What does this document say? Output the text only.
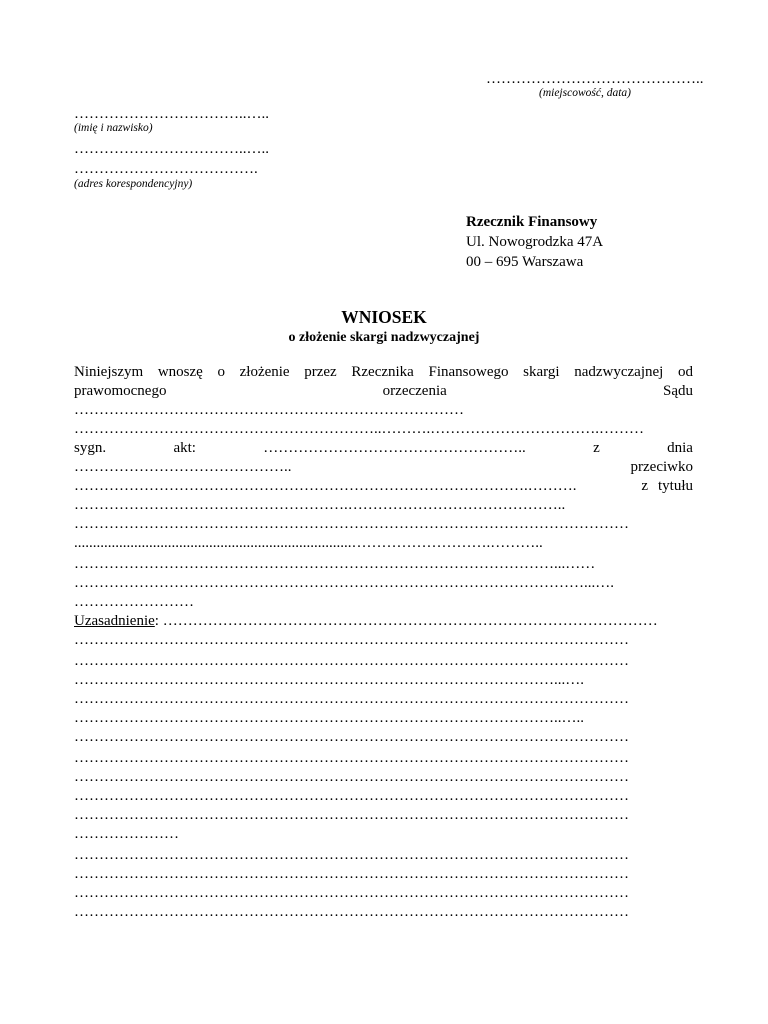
……………………………………..
(miejscowość, data)
……………………………..…..
(imię i nazwisko)
……………………………..…..
……………………………….
(adres korespondencyjny)
Rzecznik Finansowy
Ul. Nowogrodzka 47A
00 – 695 Warszawa
WNIOSEK
o złożenie skargi nadzwyczajnej
Niniejszym wnoszę o złożenie przez Rzecznika Finansowego skargi nadzwyczajnej od
prawomocnego	orzeczenia	Sądu
……………………………………………………………………
……………………………………………………..……….…………………………….………
sygn.	akt:	……………………………………………..	z	dnia
……………………………………..	przeciwko
……………………………………………………………………………….……….	z tytułu
……………………………………………….……………………………………..
…………………………………………………………………………………………………
..........................................................................……………………….………..
……………………………………………………………………………………...……
…………………………………………………………………………………………...….
……………………
Uzasadnienie: ………………………………………………………………………………………
…………………………………………………………………………………………………
…………………………………………………………………………………………………
……………………………………………………………………………………...….
…………………………………………………………………………………………………
……………………………………………………………………………………..…..
…………………………………………………………………………………………………
…………………………………………………………………………………………………
…………………………………………………………………………………………………
…………………………………………………………………………………………………
…………………………………………………………………………………………………
…………………
…………………………………………………………………………………………………
…………………………………………………………………………………………………
…………………………………………………………………………………………………
…………………………………………………………………………………………………
